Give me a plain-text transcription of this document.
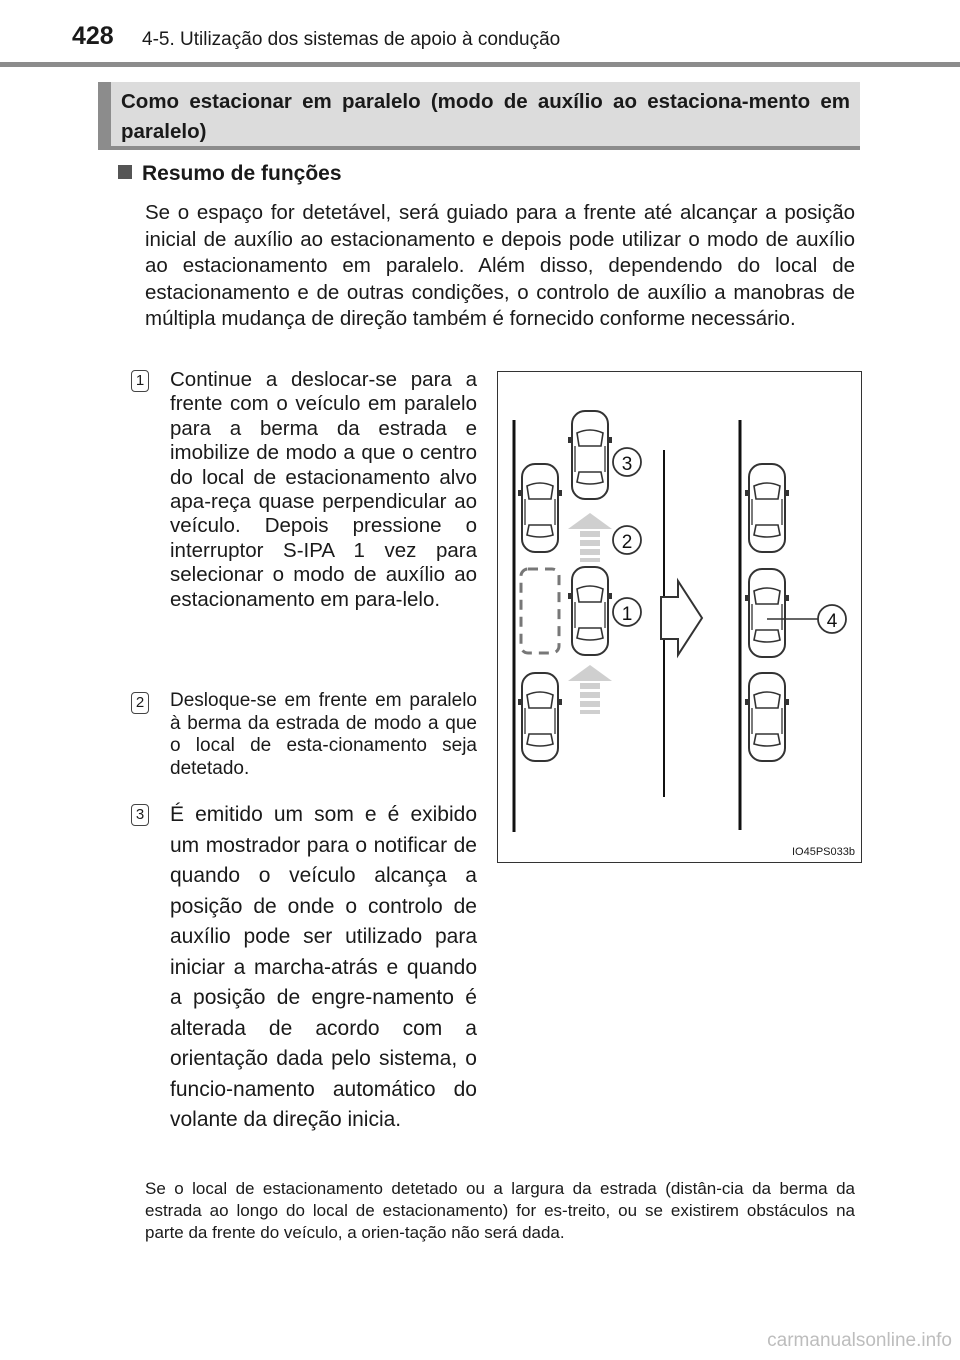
428 4-5. Utilização dos sistemas de apoio à condução
Como estacionar em paralelo (modo de auxílio ao estaciona-mento em paralelo)
Resumo de funções
Se o espaço for detetável, será guiado para a frente até alcançar a posição inicial de auxílio ao estacionamento e depois pode utilizar o modo de auxílio ao estacionamento em paralelo. Além disso, dependendo do local de estacionamento e de outras condições, o controlo de auxílio a manobras de múltipla mudança de direção também é fornecido conforme necessário.
1 Continue a deslocar-se para a frente com o veículo em paralelo para a berma da estrada e imobilize de modo a que o centro do local de estacionamento alvo apa-reça quase perpendicular ao veículo. Depois pressione o interruptor S-IPA 1 vez para selecionar o modo de auxílio ao estacionamento em para-lelo.
2 Desloque-se em frente em paralelo à berma da estrada de modo a que o local de esta-cionamento seja detetado.
3 É emitido um som e é exibido um mostrador para o notificar de quando o veículo alcança a posição de onde o controlo de auxílio pode ser utilizado para iniciar a marcha-atrás e quando a posição de engre-namento é alterada de acordo com a orientação dada pelo sistema, o funcio-namento automático do volante da direção inicia.
Se o local de estacionamento detetado ou a largura da estrada (distân-cia da berma da estrada ao longo do local de estacionamento) for es-treito, ou se existirem obstáculos na parte da frente do veículo, a orien-tação não será dada.
3
2
1	4
IO45PS033b
carmanualsonline.info
